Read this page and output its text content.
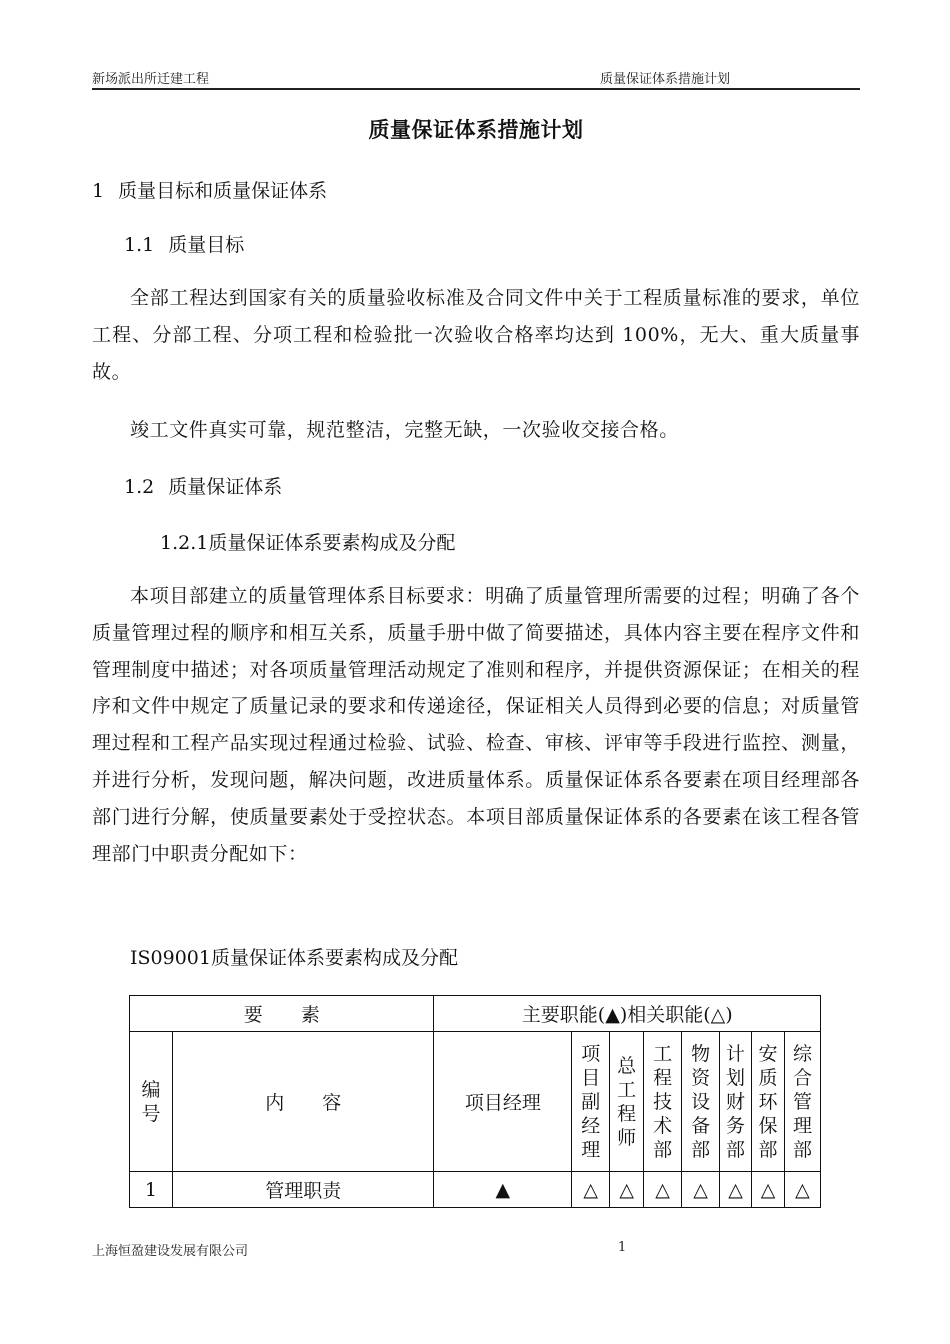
新场派出所迁建工程	质量保证体系措施计划
质量保证体系措施计划
1 质量目标和质量保证体系
1.1 质量目标
全部工程达到国家有关的质量验收标准及合同文件中关于工程质量标准的要求，单位工程、分部工程、分项工程和检验批一次验收合格率均达到 100%，无大、重大质量事故。
竣工文件真实可靠，规范整洁，完整无缺，一次验收交接合格。
1.2 质量保证体系
1.2.1质量保证体系要素构成及分配
本项目部建立的质量管理体系目标要求：明确了质量管理所需要的过程；明确了各个质量管理过程的顺序和相互关系，质量手册中做了简要描述，具体内容主要在程序文件和管理制度中描述；对各项质量管理活动规定了准则和程序，并提供资源保证；在相关的程序和文件中规定了质量记录的要求和传递途径，保证相关人员得到必要的信息；对质量管理过程和工程产品实现过程通过检验、试验、检查、审核、评审等手段进行监控、测量，并进行分析，发现问题，解决问题，改进质量体系。质量保证体系各要素在项目经理部各部门进行分解，使质量要素处于受控状态。本项目部质量保证体系的各要素在该工程各管理部门中职责分配如下：
IS09001质量保证体系要素构成及分配
要　　素		主要职能(▲)相关职能(△)							
编号	内　　容	项目经理	项目副经理	总工程师	工程技术部	物资设备部	计划财务部	安质环保部	综合管理部
1	管理职责	▲	△	△	△	△	△	△	△
上海恒盈建设发展有限公司	1
